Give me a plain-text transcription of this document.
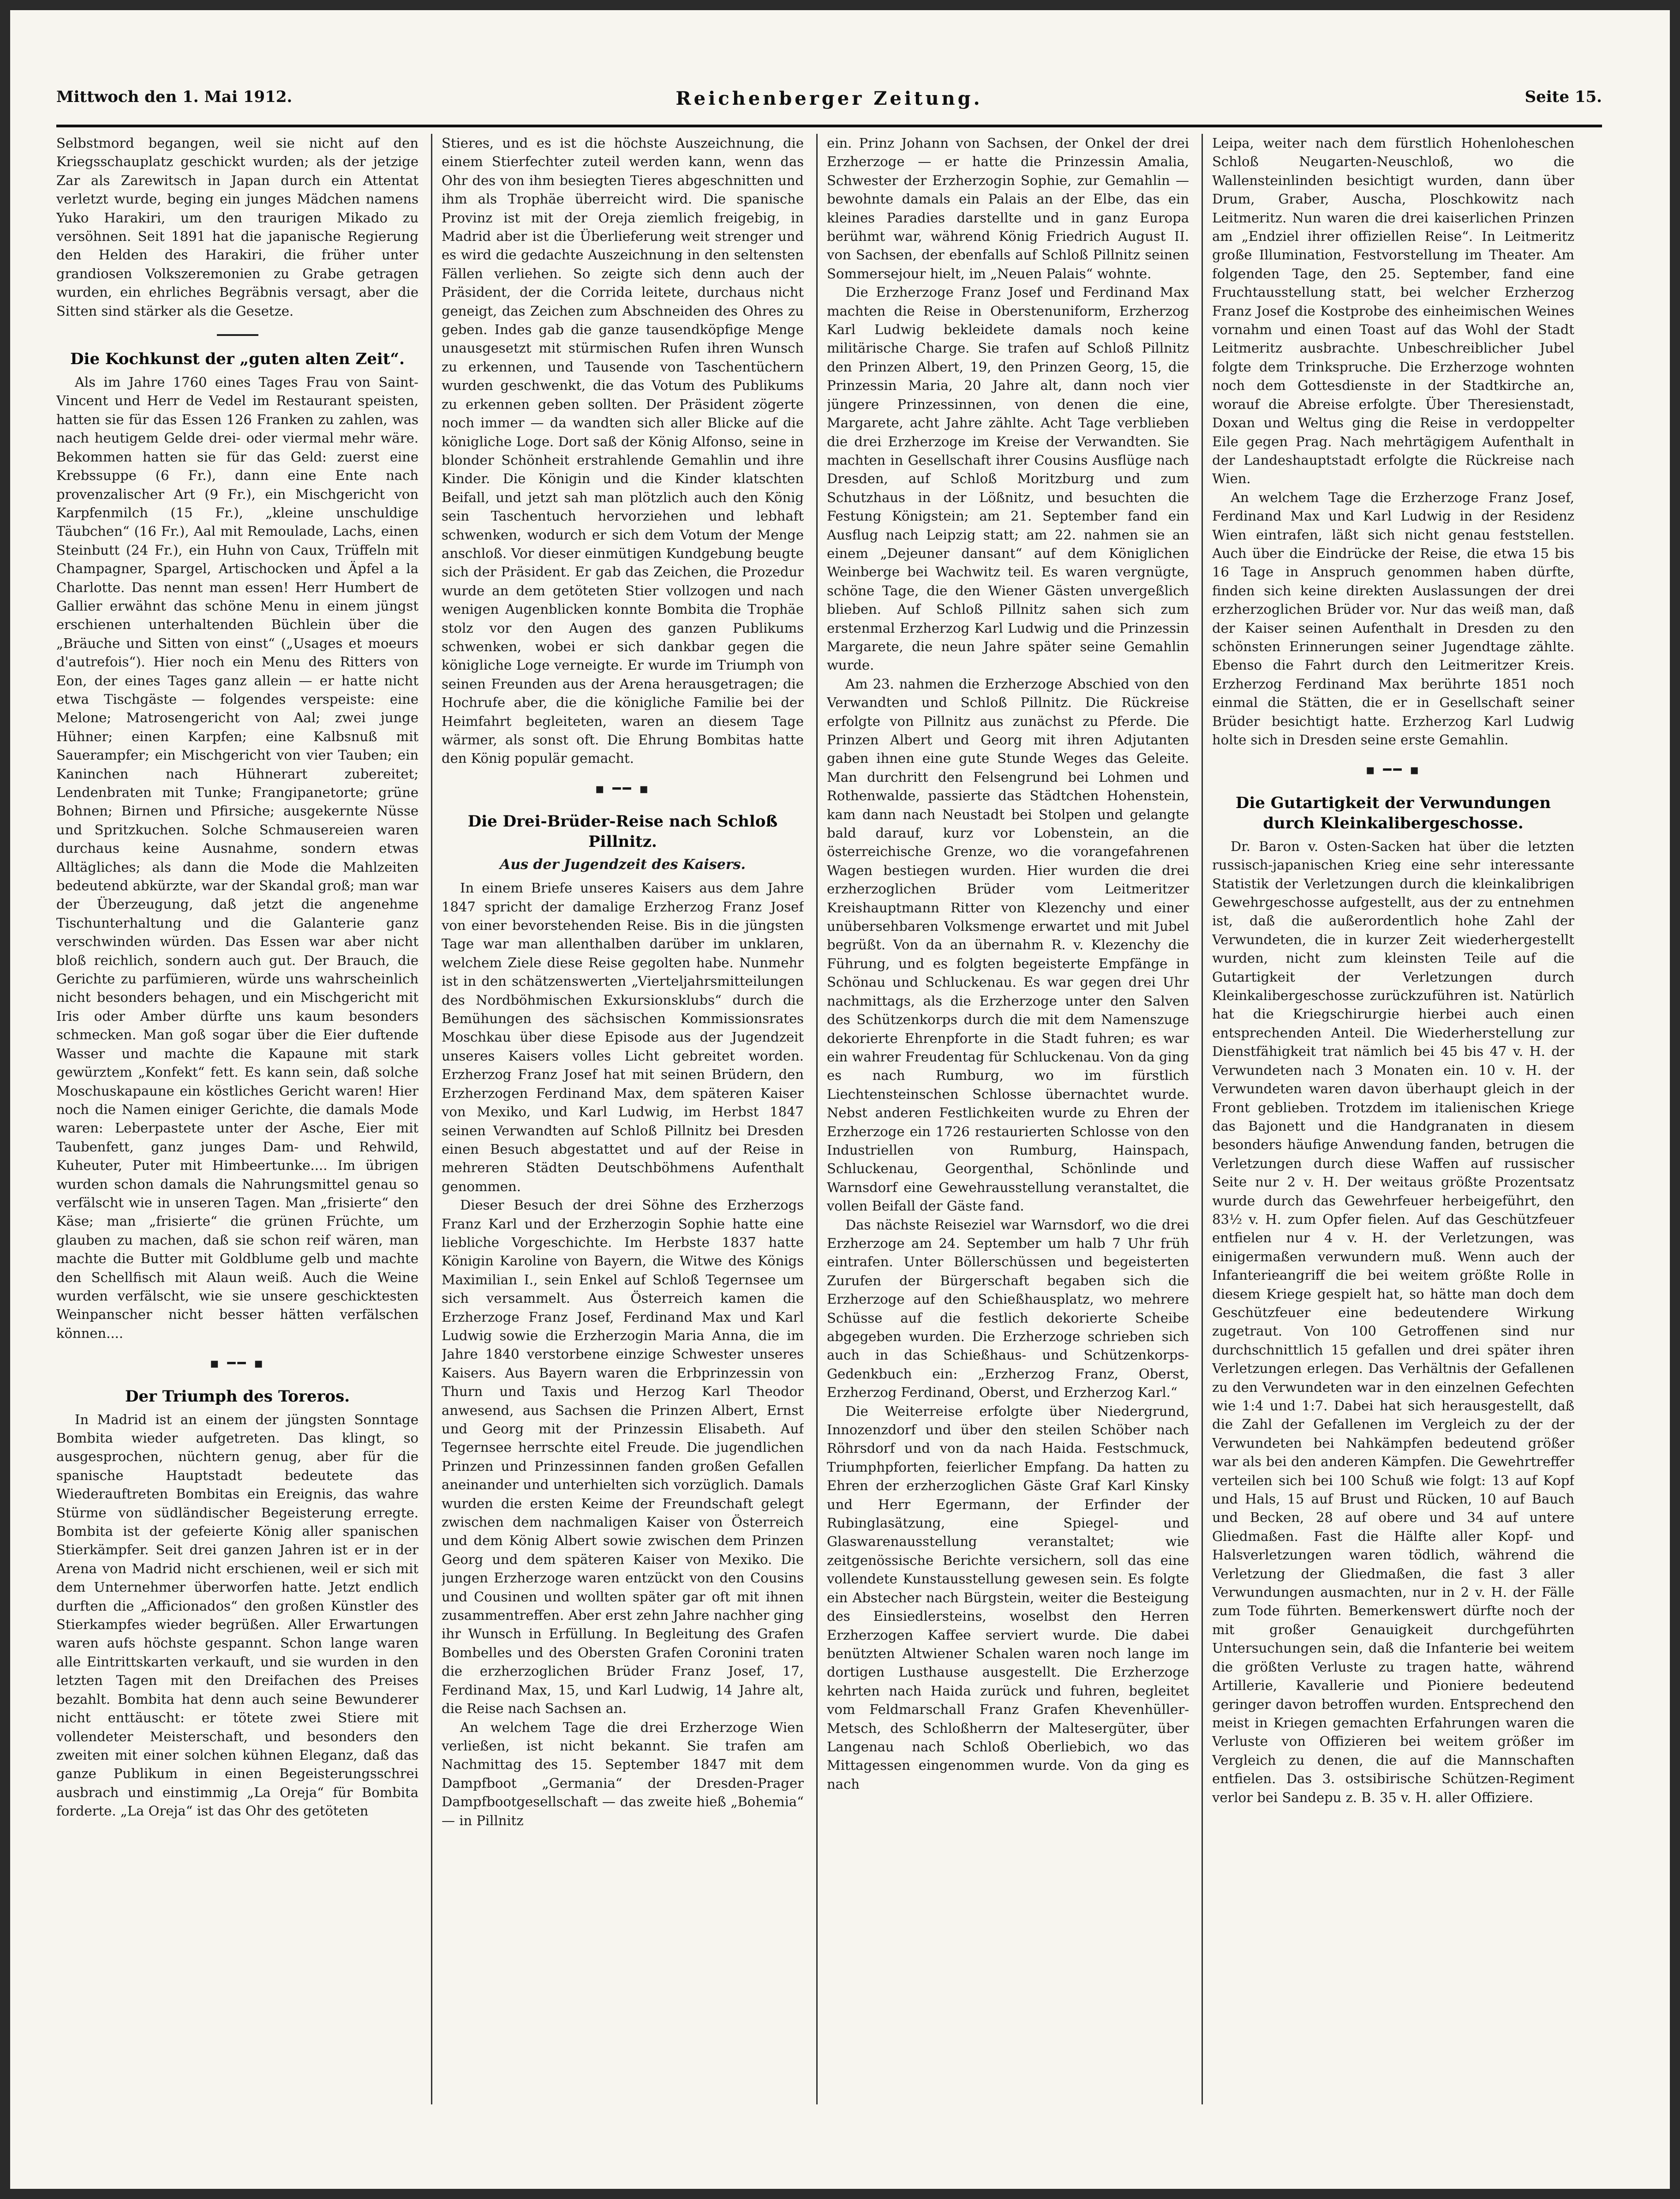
Mittwoch den 1. Mai 1912.	Reichenberger Zeitung.	Seite 15.

Selbstmord begangen, weil sie nicht auf den Kriegsschauplatz geschickt wurden; als der jetzige Zar als Zarewitsch in Japan durch ein Attentat verletzt wurde, beging ein junges Mädchen namens Yuko Harakiri, um den traurigen Mikado zu versöhnen. Seit 1891 hat die japanische Regierung den Helden des Harakiri, die früher unter grandiosen Volkszeremonien zu Grabe getragen wurden, ein ehrliches Begräbnis versagt, aber die Sitten sind stärker als die Gesetze.

Die Kochkunst der „guten alten Zeit“.

Als im Jahre 1760 eines Tages Frau von Saint-Vincent und Herr de Vedel im Restaurant speisten, hatten sie für das Essen 126 Franken zu zahlen, was nach heutigem Gelde drei- oder viermal mehr wäre. Bekommen hatten sie für das Geld: zuerst eine Krebssuppe (6 Fr.), dann eine Ente nach provenzalischer Art (9 Fr.), ein Mischgericht von Karpfenmilch (15 Fr.), „kleine unschuldige Täubchen“ (16 Fr.), Aal mit Remoulade, Lachs, einen Steinbutt (24 Fr.), ein Huhn von Caux, Trüffeln mit Champagner, Spargel, Artischocken und Äpfel a la Charlotte. Das nennt man essen! Herr Humbert de Gallier erwähnt das schöne Menu in einem jüngst erschienen unterhaltenden Büchlein über die „Bräuche und Sitten von einst“ („Usages et moeurs d'autrefois“). Hier noch ein Menu des Ritters von Eon, der eines Tages ganz allein — er hatte nicht etwa Tischgäste — folgendes verspeiste: eine Melone; Matrosengericht von Aal; zwei junge Hühner; einen Karpfen; eine Kalbsnuß mit Sauerampfer; ein Mischgericht von vier Tauben; ein Kaninchen nach Hühnerart zubereitet; Lendenbraten mit Tunke; Frangipanetorte; grüne Bohnen; Birnen und Pfirsiche; ausgekernte Nüsse und Spritzkuchen. Solche Schmausereien waren durchaus keine Ausnahme, sondern etwas Alltägliches; als dann die Mode die Mahlzeiten bedeutend abkürzte, war der Skandal groß; man war der Überzeugung, daß jetzt die angenehme Tischunterhaltung und die Galanterie ganz verschwinden würden. Das Essen war aber nicht bloß reichlich, sondern auch gut. Der Brauch, die Gerichte zu parfümieren, würde uns wahrscheinlich nicht besonders behagen, und ein Mischgericht mit Iris oder Amber dürfte uns kaum besonders schmecken. Man goß sogar über die Eier duftende Wasser und machte die Kapaune mit stark gewürztem „Konfekt“ fett. Es kann sein, daß solche Moschuskapaune ein köstliches Gericht waren! Hier noch die Namen einiger Gerichte, die damals Mode waren: Leberpastete unter der Asche, Eier mit Taubenfett, ganz junges Dam- und Rehwild, Kuheuter, Puter mit Himbeertunke.... Im übrigen wurden schon damals die Nahrungsmittel genau so verfälscht wie in unseren Tagen. Man „frisierte“ den Käse; man „frisierte“ die grünen Früchte, um glauben zu machen, daß sie schon reif wären, man machte die Butter mit Goldblume gelb und machte den Schellfisch mit Alaun weiß. Auch die Weine wurden verfälscht, wie sie unsere geschicktesten Weinpanscher nicht besser hätten verfälschen können....

▪ ━━ ▪
Der Triumph des Toreros.

In Madrid ist an einem der jüngsten Sonntage Bombita wieder aufgetreten. Das klingt, so ausgesprochen, nüchtern genug, aber für die spanische Hauptstadt bedeutete das Wiederauftreten Bombitas ein Ereignis, das wahre Stürme von südländischer Begeisterung erregte. Bombita ist der gefeierte König aller spanischen Stierkämpfer. Seit drei ganzen Jahren ist er in der Arena von Madrid nicht erschienen, weil er sich mit dem Unternehmer überworfen hatte. Jetzt endlich durften die „Afficionados“ den großen Künstler des Stierkampfes wieder begrüßen. Aller Erwartungen waren aufs höchste gespannt. Schon lange waren alle Eintrittskarten verkauft, und sie wurden in den letzten Tagen mit den Dreifachen des Preises bezahlt. Bombita hat denn auch seine Bewunderer nicht enttäuscht: er tötete zwei Stiere mit vollendeter Meisterschaft, und besonders den zweiten mit einer solchen kühnen Eleganz, daß das ganze Publikum in einen Begeisterungsschrei ausbrach und einstimmig „La Oreja“ für Bombita forderte. „La Oreja“ ist das Ohr des getöteten

Stieres, und es ist die höchste Auszeichnung, die einem Stierfechter zuteil werden kann, wenn das Ohr des von ihm besiegten Tieres abgeschnitten und ihm als Trophäe überreicht wird. Die spanische Provinz ist mit der Oreja ziemlich freigebig, in Madrid aber ist die Überlieferung weit strenger und es wird die gedachte Auszeichnung in den seltensten Fällen verliehen. So zeigte sich denn auch der Präsident, der die Corrida leitete, durchaus nicht geneigt, das Zeichen zum Abschneiden des Ohres zu geben. Indes gab die ganze tausendköpfige Menge unausgesetzt mit stürmischen Rufen ihren Wunsch zu erkennen, und Tausende von Taschentüchern wurden geschwenkt, die das Votum des Publikums zu erkennen geben sollten. Der Präsident zögerte noch immer — da wandten sich aller Blicke auf die königliche Loge. Dort saß der König Alfonso, seine in blonder Schönheit erstrahlende Gemahlin und ihre Kinder. Die Königin und die Kinder klatschten Beifall, und jetzt sah man plötzlich auch den König sein Taschentuch hervorziehen und lebhaft schwenken, wodurch er sich dem Votum der Menge anschloß. Vor dieser einmütigen Kundgebung beugte sich der Präsident. Er gab das Zeichen, die Prozedur wurde an dem getöteten Stier vollzogen und nach wenigen Augenblicken konnte Bombita die Trophäe stolz vor den Augen des ganzen Publikums schwenken, wobei er sich dankbar gegen die königliche Loge verneigte. Er wurde im Triumph von seinen Freunden aus der Arena herausgetragen; die Hochrufe aber, die die königliche Familie bei der Heimfahrt begleiteten, waren an diesem Tage wärmer, als sonst oft. Die Ehrung Bombitas hatte den König populär gemacht.

▪ ━━ ▪
Die Drei-Brüder-Reise nach Schloß Pillnitz.
Aus der Jugendzeit des Kaisers.

In einem Briefe unseres Kaisers aus dem Jahre 1847 spricht der damalige Erzherzog Franz Josef von einer bevorstehenden Reise. Bis in die jüngsten Tage war man allenthalben darüber im unklaren, welchem Ziele diese Reise gegolten habe. Nunmehr ist in den schätzenswerten „Vierteljahrsmitteilungen des Nordböhmischen Exkursionsklubs“ durch die Bemühungen des sächsischen Kommissionsrates Moschkau über diese Episode aus der Jugendzeit unseres Kaisers volles Licht gebreitet worden. Erzherzog Franz Josef hat mit seinen Brüdern, den Erzherzogen Ferdinand Max, dem späteren Kaiser von Mexiko, und Karl Ludwig, im Herbst 1847 seinen Verwandten auf Schloß Pillnitz bei Dresden einen Besuch abgestattet und auf der Reise in mehreren Städten Deutschböhmens Aufenthalt genommen.

Dieser Besuch der drei Söhne des Erzherzogs Franz Karl und der Erzherzogin Sophie hatte eine liebliche Vorgeschichte. Im Herbste 1837 hatte Königin Karoline von Bayern, die Witwe des Königs Maximilian I., sein Enkel auf Schloß Tegernsee um sich versammelt. Aus Österreich kamen die Erzherzoge Franz Josef, Ferdinand Max und Karl Ludwig sowie die Erzherzogin Maria Anna, die im Jahre 1840 verstorbene einzige Schwester unseres Kaisers. Aus Bayern waren die Erbprinzessin von Thurn und Taxis und Herzog Karl Theodor anwesend, aus Sachsen die Prinzen Albert, Ernst und Georg mit der Prinzessin Elisabeth. Auf Tegernsee herrschte eitel Freude. Die jugendlichen Prinzen und Prinzessinnen fanden großen Gefallen aneinander und unterhielten sich vorzüglich. Damals wurden die ersten Keime der Freundschaft gelegt zwischen dem nachmaligen Kaiser von Österreich und dem König Albert sowie zwischen dem Prinzen Georg und dem späteren Kaiser von Mexiko. Die jungen Erzherzoge waren entzückt von den Cousins und Cousinen und wollten später gar oft mit ihnen zusammentreffen. Aber erst zehn Jahre nachher ging ihr Wunsch in Erfüllung. In Begleitung des Grafen Bombelles und des Obersten Grafen Coronini traten die erzherzoglichen Brüder Franz Josef, 17, Ferdinand Max, 15, und Karl Ludwig, 14 Jahre alt, die Reise nach Sachsen an.

An welchem Tage die drei Erzherzoge Wien verließen, ist nicht bekannt. Sie trafen am Nachmittag des 15. September 1847 mit dem Dampfboot „Germania“ der Dresden-Prager Dampfbootgesellschaft — das zweite hieß „Bohemia“ — in Pillnitz

ein. Prinz Johann von Sachsen, der Onkel der drei Erzherzoge — er hatte die Prinzessin Amalia, Schwester der Erzherzogin Sophie, zur Gemahlin — bewohnte damals ein Palais an der Elbe, das ein kleines Paradies darstellte und in ganz Europa berühmt war, während König Friedrich August II. von Sachsen, der ebenfalls auf Schloß Pillnitz seinen Sommersejour hielt, im „Neuen Palais“ wohnte.

Die Erzherzoge Franz Josef und Ferdinand Max machten die Reise in Oberstenuniform, Erzherzog Karl Ludwig bekleidete damals noch keine militärische Charge. Sie trafen auf Schloß Pillnitz den Prinzen Albert, 19, den Prinzen Georg, 15, die Prinzessin Maria, 20 Jahre alt, dann noch vier jüngere Prinzessinnen, von denen die eine, Margarete, acht Jahre zählte. Acht Tage verblieben die drei Erzherzoge im Kreise der Verwandten. Sie machten in Gesellschaft ihrer Cousins Ausflüge nach Dresden, auf Schloß Moritzburg und zum Schutzhaus in der Lößnitz, und besuchten die Festung Königstein; am 21. September fand ein Ausflug nach Leipzig statt; am 22. nahmen sie an einem „Dejeuner dansant“ auf dem Königlichen Weinberge bei Wachwitz teil. Es waren vergnügte, schöne Tage, die den Wiener Gästen unvergeßlich blieben. Auf Schloß Pillnitz sahen sich zum erstenmal Erzherzog Karl Ludwig und die Prinzessin Margarete, die neun Jahre später seine Gemahlin wurde.

Am 23. nahmen die Erzherzoge Abschied von den Verwandten und Schloß Pillnitz. Die Rückreise erfolgte von Pillnitz aus zunächst zu Pferde. Die Prinzen Albert und Georg mit ihren Adjutanten gaben ihnen eine gute Stunde Weges das Geleite. Man durchritt den Felsengrund bei Lohmen und Rothenwalde, passierte das Städtchen Hohenstein, kam dann nach Neustadt bei Stolpen und gelangte bald darauf, kurz vor Lobenstein, an die österreichische Grenze, wo die vorangefahrenen Wagen bestiegen wurden. Hier wurden die drei erzherzoglichen Brüder vom Leitmeritzer Kreishauptmann Ritter von Klezenchy und einer unübersehbaren Volksmenge erwartet und mit Jubel begrüßt. Von da an übernahm R. v. Klezenchy die Führung, und es folgten begeisterte Empfänge in Schönau und Schluckenau. Es war gegen drei Uhr nachmittags, als die Erzherzoge unter den Salven des Schützenkorps durch die mit dem Namenszuge dekorierte Ehrenpforte in die Stadt fuhren; es war ein wahrer Freudentag für Schluckenau. Von da ging es nach Rumburg, wo im fürstlich Liechtensteinschen Schlosse übernachtet wurde. Nebst anderen Festlichkeiten wurde zu Ehren der Erzherzoge ein 1726 restaurierten Schlosse von den Industriellen von Rumburg, Hainspach, Schluckenau, Georgenthal, Schönlinde und Warnsdorf eine Gewehrausstellung veranstaltet, die vollen Beifall der Gäste fand.

Das nächste Reiseziel war Warnsdorf, wo die drei Erzherzoge am 24. September um halb 7 Uhr früh eintrafen. Unter Böllerschüssen und begeisterten Zurufen der Bürgerschaft begaben sich die Erzherzoge auf den Schießhausplatz, wo mehrere Schüsse auf die festlich dekorierte Scheibe abgegeben wurden. Die Erzherzoge schrieben sich auch in das Schießhaus- und Schützenkorps-Gedenkbuch ein: „Erzherzog Franz, Oberst, Erzherzog Ferdinand, Oberst, und Erzherzog Karl.“

Die Weiterreise erfolgte über Niedergrund, Innozenzdorf und über den steilen Schöber nach Röhrsdorf und von da nach Haida. Festschmuck, Triumphpforten, feierlicher Empfang. Da hatten zu Ehren der erzherzoglichen Gäste Graf Karl Kinsky und Herr Egermann, der Erfinder der Rubinglasätzung, eine Spiegel- und Glaswarenausstellung veranstaltet; wie zeitgenössische Berichte versichern, soll das eine vollendete Kunstausstellung gewesen sein. Es folgte ein Abstecher nach Bürgstein, weiter die Besteigung des Einsiedlersteins, woselbst den Herren Erzherzogen Kaffee serviert wurde. Die dabei benützten Altwiener Schalen waren noch lange im dortigen Lusthause ausgestellt. Die Erzherzoge kehrten nach Haida zurück und fuhren, begleitet vom Feldmarschall Franz Grafen Khevenhüller-Metsch, des Schloßherrn der Maltesergüter, über Langenau nach Schloß Oberliebich, wo das Mittagessen eingenommen wurde. Von da ging es nach

Leipa, weiter nach dem fürstlich Hohenloheschen Schloß Neugarten-Neuschloß, wo die Wallensteinlinden besichtigt wurden, dann über Drum, Graber, Auscha, Ploschkowitz nach Leitmeritz. Nun waren die drei kaiserlichen Prinzen am „Endziel ihrer offiziellen Reise“. In Leitmeritz große Illumination, Festvorstellung im Theater. Am folgenden Tage, den 25. September, fand eine Fruchtausstellung statt, bei welcher Erzherzog Franz Josef die Kostprobe des einheimischen Weines vornahm und einen Toast auf das Wohl der Stadt Leitmeritz ausbrachte. Unbeschreiblicher Jubel folgte dem Trinkspruche. Die Erzherzoge wohnten noch dem Gottesdienste in der Stadtkirche an, worauf die Abreise erfolgte. Über Theresienstadt, Doxan und Weltus ging die Reise in verdoppelter Eile gegen Prag. Nach mehrtägigem Aufenthalt in der Landeshauptstadt erfolgte die Rückreise nach Wien.

An welchem Tage die Erzherzoge Franz Josef, Ferdinand Max und Karl Ludwig in der Residenz Wien eintrafen, läßt sich nicht genau feststellen. Auch über die Eindrücke der Reise, die etwa 15 bis 16 Tage in Anspruch genommen haben dürfte, finden sich keine direkten Auslassungen der drei erzherzoglichen Brüder vor. Nur das weiß man, daß der Kaiser seinen Aufenthalt in Dresden zu den schönsten Erinnerungen seiner Jugendtage zählte. Ebenso die Fahrt durch den Leitmeritzer Kreis. Erzherzog Ferdinand Max berührte 1851 noch einmal die Stätten, die er in Gesellschaft seiner Brüder besichtigt hatte. Erzherzog Karl Ludwig holte sich in Dresden seine erste Gemahlin.

▪ ━━ ▪
Die Gutartigkeit der Verwundungen durch Kleinkalibergeschosse.

Dr. Baron v. Osten-Sacken hat über die letzten russisch-japanischen Krieg eine sehr interessante Statistik der Verletzungen durch die kleinkalibrigen Gewehrgeschosse aufgestellt, aus der zu entnehmen ist, daß die außerordentlich hohe Zahl der Verwundeten, die in kurzer Zeit wiederhergestellt wurden, nicht zum kleinsten Teile auf die Gutartigkeit der Verletzungen durch Kleinkalibergeschosse zurückzuführen ist. Natürlich hat die Kriegschirurgie hierbei auch einen entsprechenden Anteil. Die Wiederherstellung zur Dienstfähigkeit trat nämlich bei 45 bis 47 v. H. der Verwundeten nach 3 Monaten ein. 10 v. H. der Verwundeten waren davon überhaupt gleich in der Front geblieben. Trotzdem im italienischen Kriege das Bajonett und die Handgranaten in diesem besonders häufige Anwendung fanden, betrugen die Verletzungen durch diese Waffen auf russischer Seite nur 2 v. H. Der weitaus größte Prozentsatz wurde durch das Gewehrfeuer herbeigeführt, den 83½ v. H. zum Opfer fielen. Auf das Geschützfeuer entfielen nur 4 v. H. der Verletzungen, was einigermaßen verwundern muß. Wenn auch der Infanterieangriff die bei weitem größte Rolle in diesem Kriege gespielt hat, so hätte man doch dem Geschützfeuer eine bedeutendere Wirkung zugetraut. Von 100 Getroffenen sind nur durchschnittlich 15 gefallen und drei später ihren Verletzungen erlegen. Das Verhältnis der Gefallenen zu den Verwundeten war in den einzelnen Gefechten wie 1:4 und 1:7. Dabei hat sich herausgestellt, daß die Zahl der Gefallenen im Vergleich zu der der Verwundeten bei Nahkämpfen bedeutend größer war als bei den anderen Kämpfen. Die Gewehrtreffer verteilen sich bei 100 Schuß wie folgt: 13 auf Kopf und Hals, 15 auf Brust und Rücken, 10 auf Bauch und Becken, 28 auf obere und 34 auf untere Gliedmaßen. Fast die Hälfte aller Kopf- und Halsverletzungen waren tödlich, während die Verletzung der Gliedmaßen, die fast 3 aller Verwundungen ausmachten, nur in 2 v. H. der Fälle zum Tode führten. Bemerkenswert dürfte noch der mit großer Genauigkeit durchgeführten Untersuchungen sein, daß die Infanterie bei weitem die größten Verluste zu tragen hatte, während Artillerie, Kavallerie und Pioniere bedeutend geringer davon betroffen wurden. Entsprechend den meist in Kriegen gemachten Erfahrungen waren die Verluste von Offizieren bei weitem größer im Vergleich zu denen, die auf die Mannschaften entfielen. Das 3. ostsibirische Schützen-Regiment verlor bei Sandepu z. B. 35 v. H. aller Offiziere.
